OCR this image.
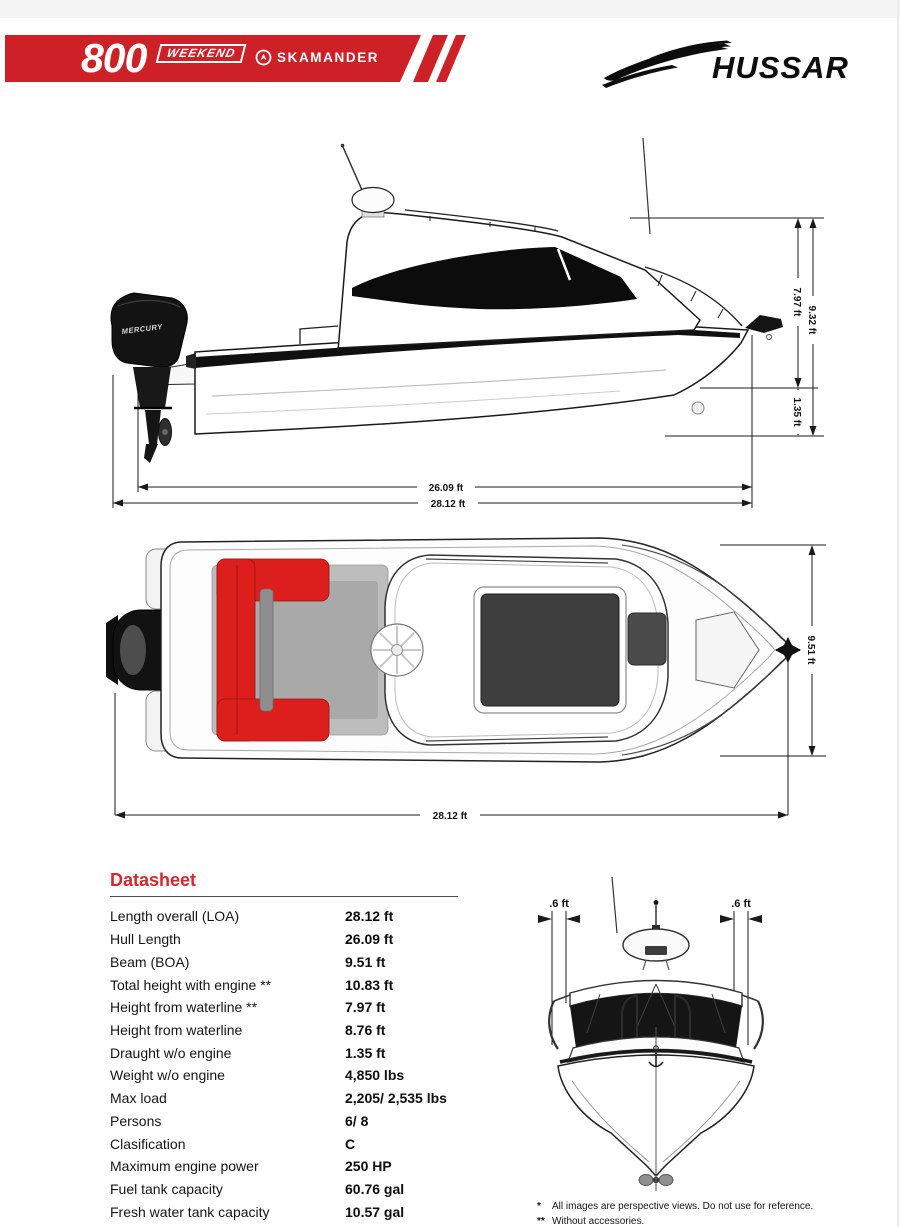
800	WEEKEND	SKAMANDER	HUSSAR
7.97 ft
9.32 ft
1.35 ft
26.09 ft
28.12 ft
MERCURY
9.51 ft
28.12 ft
.6 ft	.6 ft
Datasheet
Length overall (LOA)	28.12 ft
Hull Length	26.09 ft
Beam (BOA)	9.51 ft
Total height with engine **	10.83 ft
Height from waterline **	7.97 ft
Height from waterline	8.76 ft
Draught w/o engine	1.35 ft
Weight w/o engine	4,850 lbs
Max load	2,205/ 2,535 lbs
Persons	6/ 8
Clasification	C
Maximum engine power	250 HP
Fuel tank capacity	60.76 gal
Fresh water tank capacity	10.57 gal	*	All images are perspective views. Do not use for reference.
** Without accessories.
